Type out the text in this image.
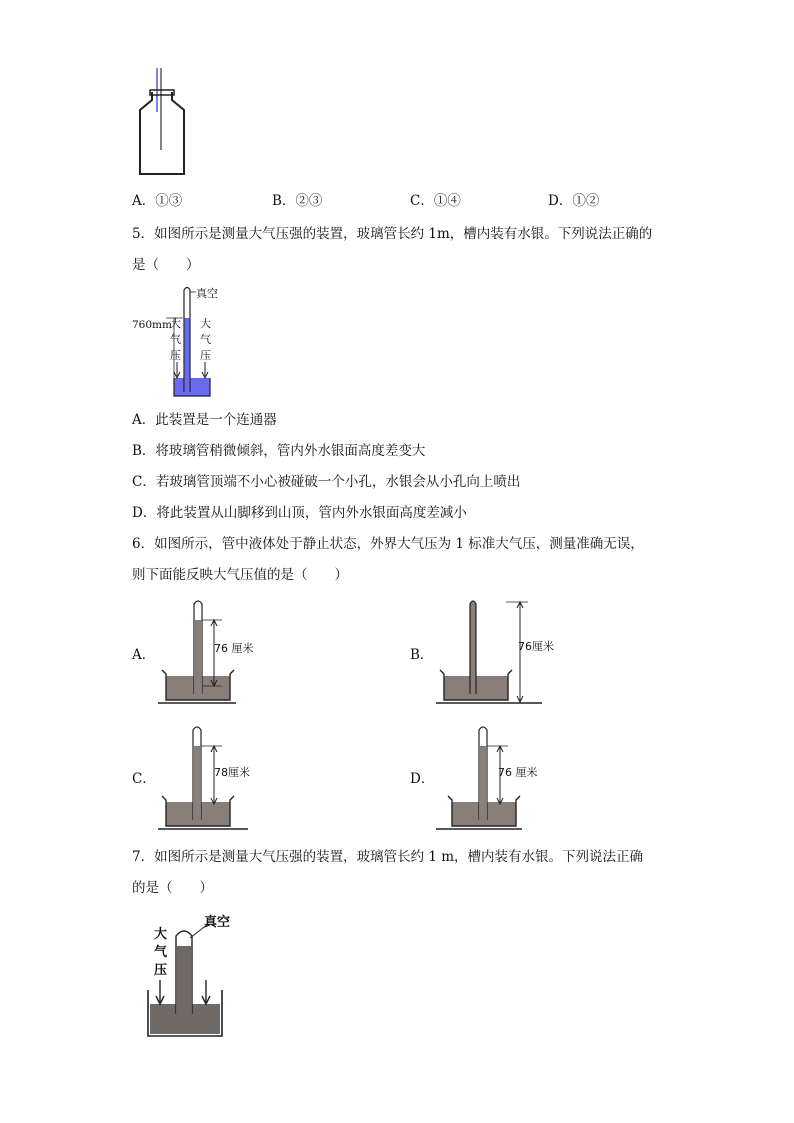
A．①③	B．②③	C．①④	D．①②
5．如图所示是测量大气压强的装置，玻璃管长约 1m，槽内装有水银。下列说法正确的
是（　　）
真空
760mm
大
气
压
大
气
压
A．此装置是一个连通器
B．将玻璃管稍微倾斜，管内外水银面高度差变大
C．若玻璃管顶端不小心被碰破一个小孔，水银会从小孔向上喷出
D．将此装置从山脚移到山顶，管内外水银面高度差减小
6．如图所示，管中液体处于静止状态，外界大气压为 1 标准大气压，测量准确无误，
则下面能反映大气压值的是（　　）
A．	76 厘米	B．
76厘米
C．	78厘米	D．	76 厘米
7．如图所示是测量大气压强的装置，玻璃管长约 1 m，槽内装有水银。下列说法正确
的是（　　）
真空
大
气
压
